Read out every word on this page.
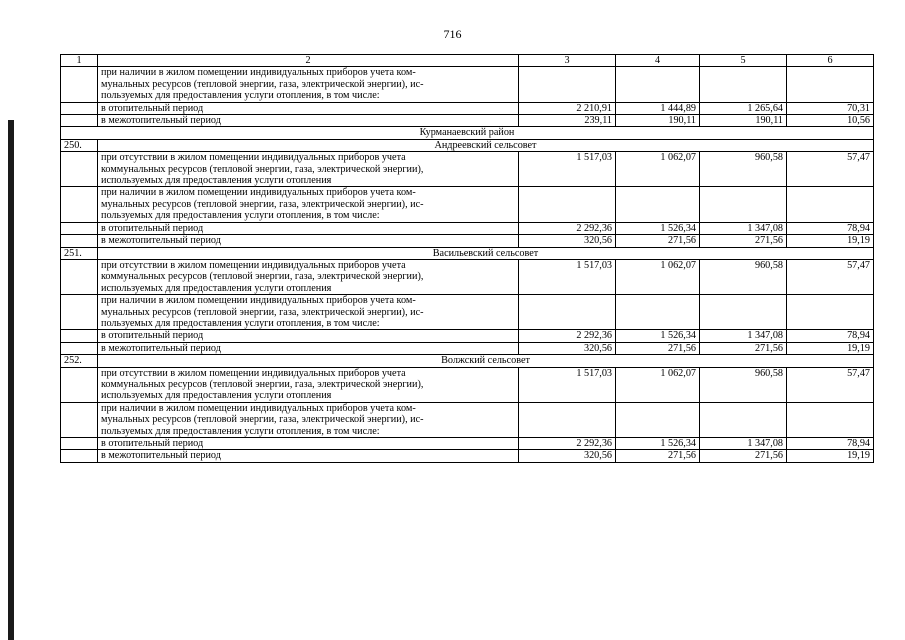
716
1	2	3	4	5	6
	при наличии в жилом помещении индивидуальных приборов учета ком-
мунальных ресурсов (тепловой энергии, газа, электрической энергии), ис-
пользуемых для предоставления услуги отопления, в том числе:				
	в отопительный период	2 210,91	1 444,89	1 265,64	70,31
	в межотопительный период	239,11	190,11	190,11	10,56
Курманаевский район					
250.	Андреевский сельсовет				
	при отсутствии в жилом помещении индивидуальных приборов учета
коммунальных ресурсов (тепловой энергии, газа, электрической энергии),
используемых для предоставления услуги отопления	1 517,03	1 062,07	960,58	57,47
	при наличии в жилом помещении индивидуальных приборов учета ком-
мунальных ресурсов (тепловой энергии, газа, электрической энергии), ис-
пользуемых для предоставления услуги отопления, в том числе:				
	в отопительный период	2 292,36	1 526,34	1 347,08	78,94
	в межотопительный период	320,56	271,56	271,56	19,19
251.	Васильевский сельсовет				
	при отсутствии в жилом помещении индивидуальных приборов учета
коммунальных ресурсов (тепловой энергии, газа, электрической энергии),
используемых для предоставления услуги отопления	1 517,03	1 062,07	960,58	57,47
	при наличии в жилом помещении индивидуальных приборов учета ком-
мунальных ресурсов (тепловой энергии, газа, электрической энергии), ис-
пользуемых для предоставления услуги отопления, в том числе:				
	в отопительный период	2 292,36	1 526,34	1 347,08	78,94
	в межотопительный период	320,56	271,56	271,56	19,19
252.	Волжский сельсовет				
	при отсутствии в жилом помещении индивидуальных приборов учета
коммунальных ресурсов (тепловой энергии, газа, электрической энергии),
используемых для предоставления услуги отопления	1 517,03	1 062,07	960,58	57,47
	при наличии в жилом помещении индивидуальных приборов учета ком-
мунальных ресурсов (тепловой энергии, газа, электрической энергии), ис-
пользуемых для предоставления услуги отопления, в том числе:				
	в отопительный период	2 292,36	1 526,34	1 347,08	78,94
	в межотопительный период	320,56	271,56	271,56	19,19
